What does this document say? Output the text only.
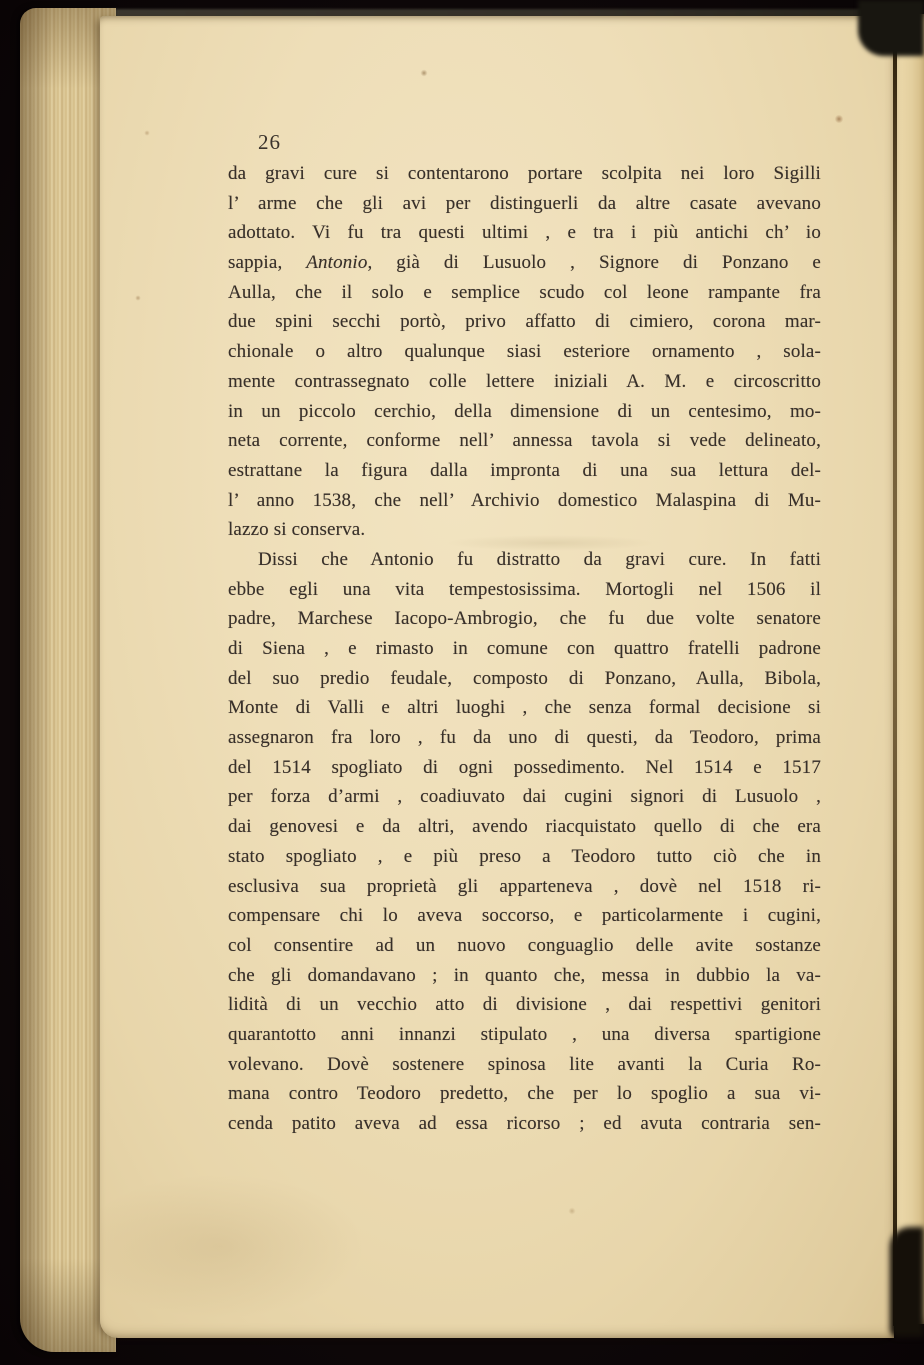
26
da gravi cure si contentarono portare scolpita nei loro Sigilli
l’ arme che gli avi per distinguerli da altre casate avevano
adottato. Vi fu tra questi ultimi , e tra i più antichi ch’ io
sappia, Antonio, già di Lusuolo , Signore di Ponzano e
Aulla, che il solo e semplice scudo col leone rampante fra
due spini secchi portò, privo affatto di cimiero, corona mar-
chionale o altro qualunque siasi esteriore ornamento , sola-
mente contrassegnato colle lettere iniziali A. M. e circoscritto
in un piccolo cerchio, della dimensione di un centesimo, mo-
neta corrente, conforme nell’ annessa tavola si vede delineato,
estrattane la figura dalla impronta di una sua lettura del-
l’ anno 1538, che nell’ Archivio domestico Malaspina di Mu-
lazzo si conserva.
Dissi che Antonio fu distratto da gravi cure. In fatti
ebbe egli una vita tempestosissima. Mortogli nel 1506 il
padre, Marchese Iacopo-Ambrogio, che fu due volte senatore
di Siena , e rimasto in comune con quattro fratelli padrone
del suo predio feudale, composto di Ponzano, Aulla, Bibola,
Monte di Valli e altri luoghi , che senza formal decisione si
assegnaron fra loro , fu da uno di questi, da Teodoro, prima
del 1514 spogliato di ogni possedimento. Nel 1514 e 1517
per forza d’armi , coadiuvato dai cugini signori di Lusuolo ,
dai genovesi e da altri, avendo riacquistato quello di che era
stato spogliato , e più preso a Teodoro tutto ciò che in
esclusiva sua proprietà gli apparteneva , dovè nel 1518 ri-
compensare chi lo aveva soccorso, e particolarmente i cugini,
col consentire ad un nuovo conguaglio delle avite sostanze
che gli domandavano ; in quanto che, messa in dubbio la va-
lidità di un vecchio atto di divisione , dai respettivi genitori
quarantotto anni innanzi stipulato , una diversa spartigione
volevano. Dovè sostenere spinosa lite avanti la Curia Ro-
mana contro Teodoro predetto, che per lo spoglio a sua vi-
cenda patito aveva ad essa ricorso ; ed avuta contraria sen-
